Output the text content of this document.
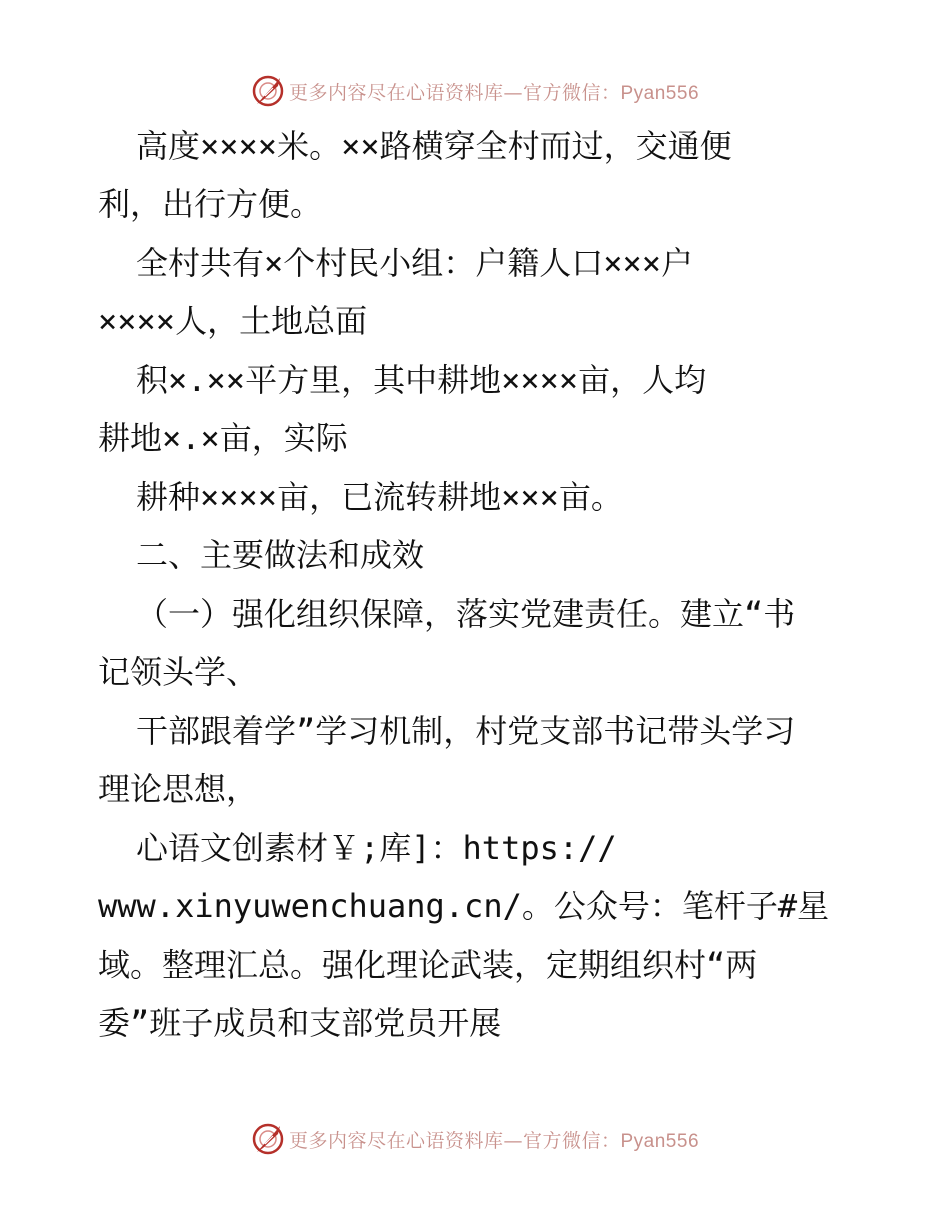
更多内容尽在心语资料库—官方微信：Pyan556

高度××××米。××路横穿全村而过，交通便

利，出行方便。

全村共有×个村民小组：户籍人口×××户

××××人，土地总面

积×.××平方里，其中耕地××××亩，人均

耕地×.×亩，实际

耕种××××亩，已流转耕地×××亩。

二、主要做法和成效

（一）强化组织保障，落实党建责任。建立“书

记领头学、

干部跟着学”学习机制，村党支部书记带头学习

理论思想，

心语文创素材￥;库]：https://

www.xinyuwenchuang.cn/。公众号：笔杆子#星

域。整理汇总。强化理论武装，定期组织村“两

委”班子成员和支部党员开展

更多内容尽在心语资料库—官方微信：Pyan556
